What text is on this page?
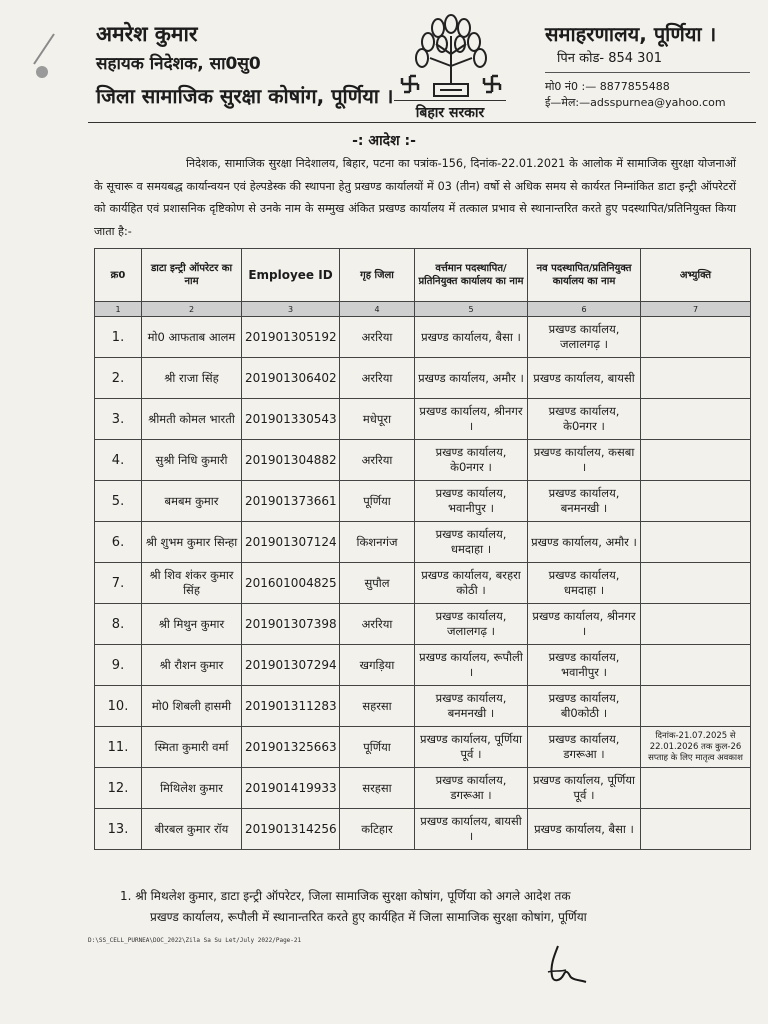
अमरेश कुमार
सहायक निदेशक, सा0सु0
जिला सामाजिक सुरक्षा कोषांग, पूर्णिया ।
बिहार सरकार
समाहरणालय, पूर्णिया ।
पिन कोड- 854 301
मो0 नं0 :— 8877855488
ई—मेल:—adsspurnea@yahoo.com
-: आदेश :-
निदेशक, सामाजिक सुरक्षा निदेशालय, बिहार, पटना का पत्रांक-156, दिनांक-22.01.2021 के आलोक में सामाजिक सुरक्षा योजनाओं के सूचारू व समयबद्ध कार्यान्वयन एवं हेल्पडेस्क की स्थापना हेतु प्रखण्ड कार्यालयों में 03 (तीन) वर्षो से अधिक समय से कार्यरत निम्नांकित डाटा इन्ट्री ऑपरेटरों को कार्यहित एवं प्रशासनिक दृष्टिकोण से उनके नाम के सम्मुख अंकित प्रखण्ड कार्यालय में तत्काल प्रभाव से स्थानान्तरित करते हुए पदस्थापित/प्रतिनियुक्त किया जाता है:-
क्र0	डाटा इन्ट्री ऑपरेटर का नाम	Employee ID	गृह जिला	वर्त्तमान पदस्थापित/प्रतिनियुक्त कार्यालय का नाम	नव पदस्थापित/प्रतिनियुक्त कार्यालय का नाम	अभ्युक्ति
1	2	3	4	5	6	7
1.	मो0 आफताब आलम	201901305192	अररिया	प्रखण्ड कार्यालय, बैसा ।	प्रखण्ड कार्यालय, जलालगढ़ ।	
2.	श्री राजा सिंह	201901306402	अररिया	प्रखण्ड कार्यालय, अमौर ।	प्रखण्ड कार्यालय, बायसी	
3.	श्रीमती कोमल भारती	201901330543	मधेपूरा	प्रखण्ड कार्यालय, श्रीनगर ।	प्रखण्ड कार्यालय, के0नगर ।	
4.	सुश्री निधि कुमारी	201901304882	अररिया	प्रखण्ड कार्यालय, के0नगर ।	प्रखण्ड कार्यालय, कसबा ।	
5.	बमबम कुमार	201901373661	पूर्णिया	प्रखण्ड कार्यालय, भवानीपुर ।	प्रखण्ड कार्यालय, बनमनखी ।	
6.	श्री शुभम कुमार सिन्हा	201901307124	किशनगंज	प्रखण्ड कार्यालय, धमदाहा ।	प्रखण्ड कार्यालय, अमौर ।	
7.	श्री शिव शंकर कुमार सिंह	201601004825	सुपौल	प्रखण्ड कार्यालय, बरहरा कोठी ।	प्रखण्ड कार्यालय, धमदाहा ।	
8.	श्री मिथुन कुमार	201901307398	अररिया	प्रखण्ड कार्यालय, जलालगढ़ ।	प्रखण्ड कार्यालय, श्रीनगर ।	
9.	श्री रौशन कुमार	201901307294	खगड़िया	प्रखण्ड कार्यालय, रूपौली ।	प्रखण्ड कार्यालय, भवानीपुर ।	
10.	मो0 शिबली हासमी	201901311283	सहरसा	प्रखण्ड कार्यालय, बनमनखी ।	प्रखण्ड कार्यालय, बी0कोठी ।	
11.	स्मिता कुमारी वर्मा	201901325663	पूर्णिया	प्रखण्ड कार्यालय, पूर्णिया पूर्व ।	प्रखण्ड कार्यालय, डगरूआ ।	दिनांक-21.07.2025 से 22.01.2026 तक कुल-26 सप्ताह के लिए मातृत्व अवकाश
12.	मिथिलेश कुमार	201901419933	सरहसा	प्रखण्ड कार्यालय, डगरूआ ।	प्रखण्ड कार्यालय, पूर्णिया पूर्व ।	
13.	बीरबल कुमार रॉय	201901314256	कटिहार	प्रखण्ड कार्यालय, बायसी ।	प्रखण्ड कार्यालय, बैसा ।	
1. श्री मिथलेश कुमार, डाटा इन्ट्री ऑपरेटर, जिला सामाजिक सुरक्षा कोषांग, पूर्णिया को अगले आदेश तक
प्रखण्ड कार्यालय, रूपौली में स्थानान्तरित करते हुए कार्यहित में जिला सामाजिक सुरक्षा कोषांग, पूर्णिया
D:\SS_CELL_PURNEA\DOC_2022\Zila Sa Su Let/July 2022/Page-21
